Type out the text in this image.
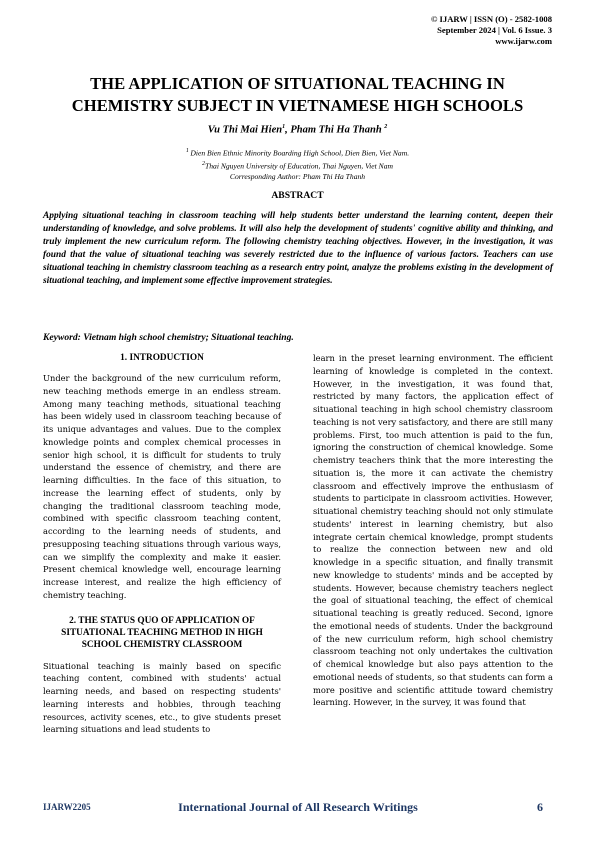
© IJARW | ISSN (O) - 2582-1008
September 2024 | Vol. 6 Issue. 3
www.ijarw.com
THE APPLICATION OF SITUATIONAL TEACHING IN
CHEMISTRY SUBJECT IN VIETNAMESE HIGH SCHOOLS
Vu Thi Mai Hien$^1$, Pham Thi Ha Thanh $^2$
$^1$ Dien Bien Ethnic Minority Boarding High School, Dien Bien, Viet Nam.
$^2$Thai Nguyen University of Education, Thai Nguyen, Viet Nam
Corresponding Author: Pham Thi Ha Thanh
ABSTRACT
Applying situational teaching in classroom teaching will help students better understand the learning content, deepen their understanding of knowledge, and solve problems. It will also help the development of students' cognitive ability and thinking, and truly implement the new curriculum reform. The following chemistry teaching objectives. However, in the investigation, it was found that the value of situational teaching was severely restricted due to the influence of various factors. Teachers can use situational teaching in chemistry classroom teaching as a research entry point, analyze the problems existing in the development of situational teaching, and implement some effective improvement strategies.
Keyword: Vietnam high school chemistry; Situational teaching.
1. INTRODUCTION

Under the background of the new curriculum reform, new teaching methods emerge in an endless stream. Among many teaching methods, situational teaching has been widely used in classroom teaching because of its unique advantages and values. Due to the complex knowledge points and complex chemical processes in senior high school, it is difficult for students to truly understand the essence of chemistry, and there are learning difficulties. In the face of this situation, to increase the learning effect of students, only by changing the traditional classroom teaching mode, combined with specific classroom teaching content, according to the learning needs of students, and presupposing teaching situations through various ways, can we simplify the complexity and make it easier. Present chemical knowledge well, encourage learning increase interest, and realize the high efficiency of chemistry teaching.

2. THE STATUS QUO OF APPLICATION OF
SITUATIONAL TEACHING METHOD IN HIGH
SCHOOL CHEMISTRY CLASSROOM

Situational teaching is mainly based on specific teaching content, combined with students' actual learning needs, and based on respecting students' learning interests and hobbies, through teaching resources, activity scenes, etc., to give students preset learning situations and lead students to

learn in the preset learning environment. The efficient learning of knowledge is completed in the context. However, in the investigation, it was found that, restricted by many factors, the application effect of situational teaching in high school chemistry classroom teaching is not very satisfactory, and there are still many problems. First, too much attention is paid to the fun, ignoring the construction of chemical knowledge. Some chemistry teachers think that the more interesting the situation is, the more it can activate the chemistry classroom and effectively improve the enthusiasm of students to participate in classroom activities. However, situational chemistry teaching should not only stimulate students' interest in learning chemistry, but also integrate certain chemical knowledge, prompt students to realize the connection between new and old knowledge in a specific situation, and finally transmit new knowledge to students' minds and be accepted by students. However, because chemistry teachers neglect the goal of situational teaching, the effect of chemical situational teaching is greatly reduced. Second, ignore the emotional needs of students. Under the background of the new curriculum reform, high school chemistry classroom teaching not only undertakes the cultivation of chemical knowledge but also pays attention to the emotional needs of students, so that students can form a more positive and scientific attitude toward chemistry learning. However, in the survey, it was found that

IJARW2205	International Journal of All Research Writings	6
